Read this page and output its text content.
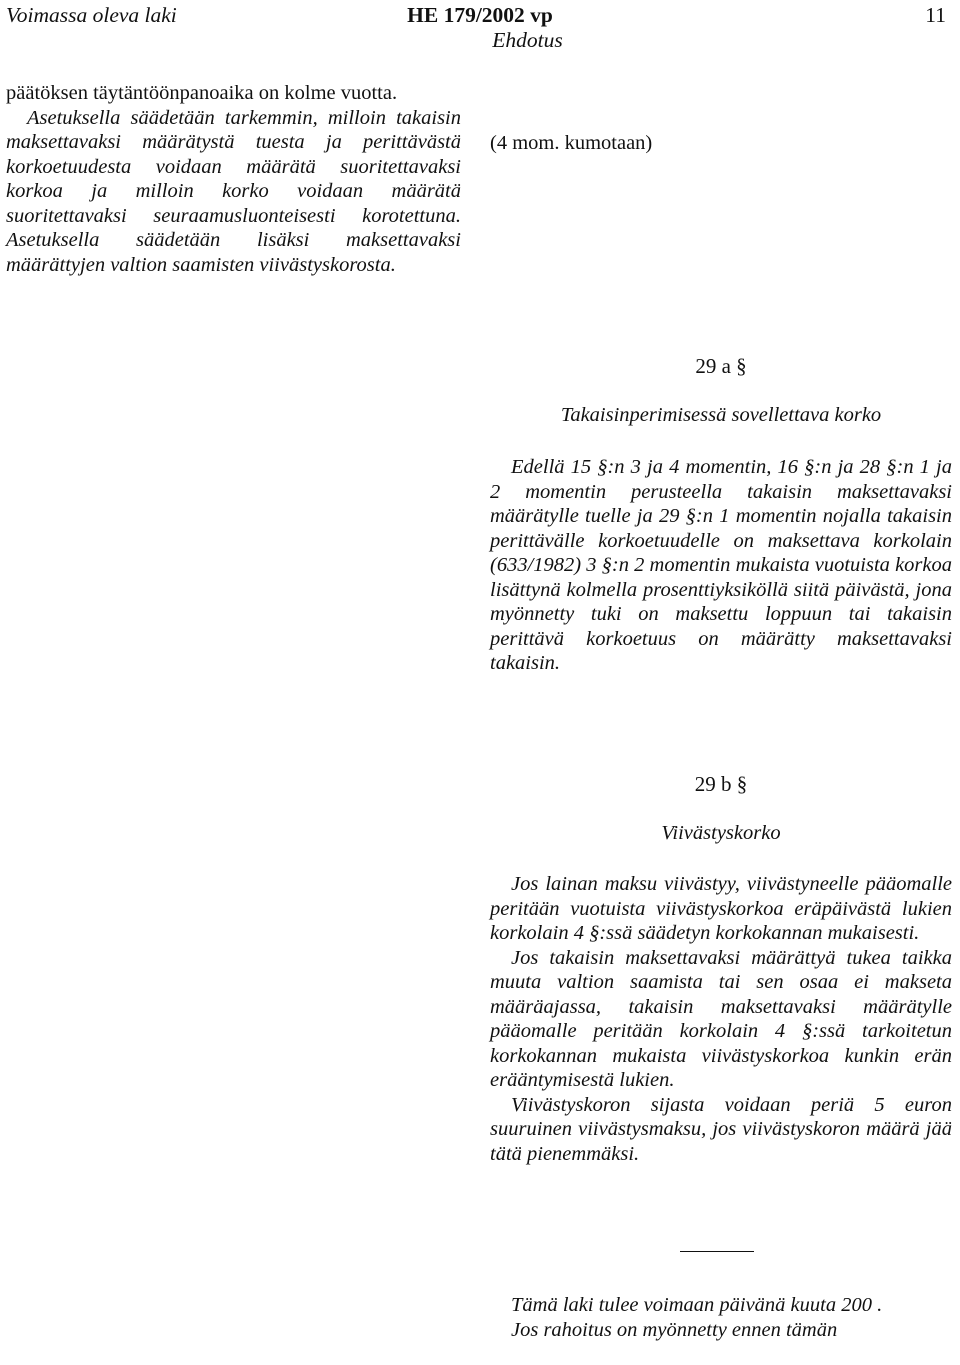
Voimassa oleva laki	HE 179/2002 vp	11
Ehdotus

päätöksen täytäntöönpanoaika on kolme vuotta.

Asetuksella säädetään tarkemmin, milloin takaisin maksettavaksi määrätystä tuesta ja perittävästä korkoetuudesta voidaan määrätä suoritettavaksi korkoa ja milloin korko voidaan määrätä suoritettavaksi seuraamusluonteisesti korotettuna. Asetuksella säädetään lisäksi maksettavaksi määrättyjen valtion saamisten viivästyskorosta.

(4 mom. kumotaan)
29 a §
Takaisinperimisessä sovellettava korko

Edellä 15 §:n 3 ja 4 momentin, 16 §:n ja 28 §:n 1 ja 2 momentin perusteella takaisin maksettavaksi määrätylle tuelle ja 29 §:n 1 momentin nojalla takaisin perittävälle korkoetuudelle on maksettava korkolain (633/1982) 3 §:n 2 momentin mukaista vuotuista korkoa lisättynä kolmella prosenttiyksiköllä siitä päivästä, jona myönnetty tuki on maksettu loppuun tai takaisin perittävä korkoetuus on määrätty maksettavaksi takaisin.

29 b §
Viivästyskorko

Jos lainan maksu viivästyy, viivästyneelle pääomalle peritään vuotuista viivästyskorkoa eräpäivästä lukien korkolain 4 §:ssä säädetyn korkokannan mukaisesti.

Jos takaisin maksettavaksi määrättyä tukea taikka muuta valtion saamista tai sen osaa ei makseta määräajassa, takaisin maksettavaksi määrätylle pääomalle peritään korkolain 4 §:ssä tarkoitetun korkokannan mukaista viivästyskorkoa kunkin erän erääntymisestä lukien.

Viivästyskoron sijasta voidaan periä 5 euron suuruinen viivästysmaksu, jos viivästyskoron määrä jää tätä pienemmäksi.

Tämä laki tulee voimaan päivänä kuuta 200 .

Jos rahoitus on myönnetty ennen tämän
